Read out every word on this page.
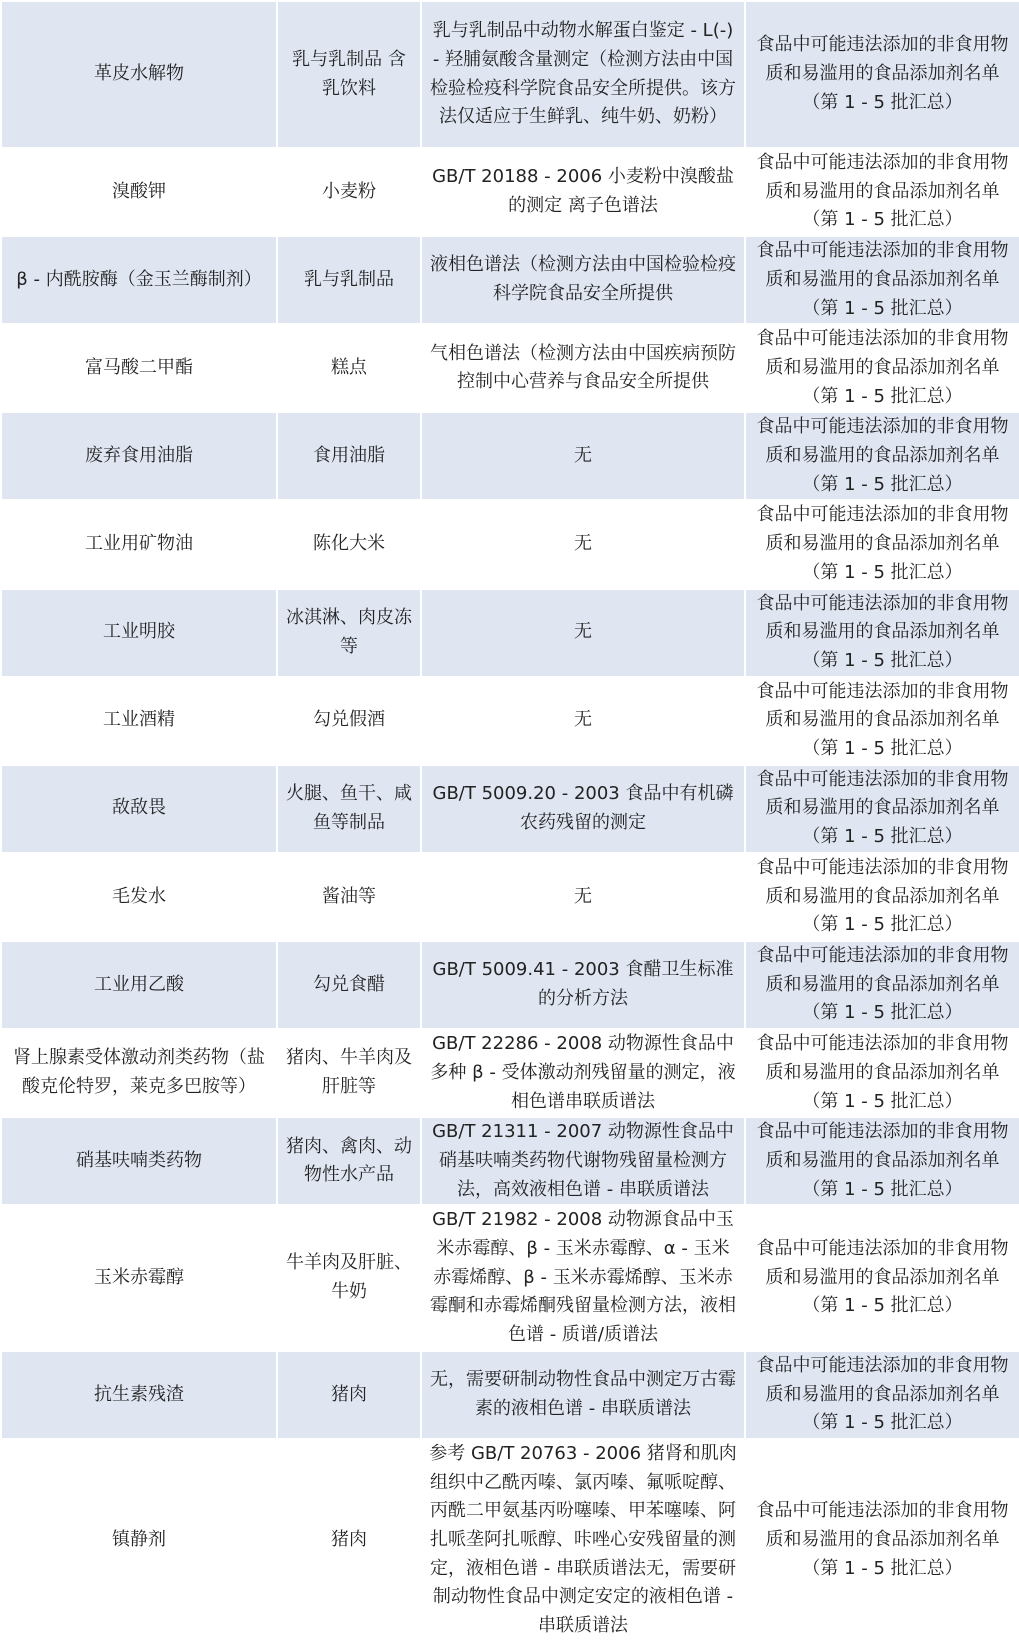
革皮水解物	乳与乳制品 含乳饮料	乳与乳制品中动物水解蛋白鉴定 - L(-) - 羟脯氨酸含量测定（检测方法由中国检验检疫科学院食品安全所提供。该方法仅适应于生鲜乳、纯牛奶、奶粉）	食品中可能违法添加的非食用物质和易滥用的食品添加剂名单（第 1 - 5 批汇总）
溴酸钾	小麦粉	GB/T 20188 - 2006 小麦粉中溴酸盐的测定 离子色谱法	食品中可能违法添加的非食用物质和易滥用的食品添加剂名单（第 1 - 5 批汇总）
β - 内酰胺酶（金玉兰酶制剂）	乳与乳制品	液相色谱法（检测方法由中国检验检疫科学院食品安全所提供	食品中可能违法添加的非食用物质和易滥用的食品添加剂名单（第 1 - 5 批汇总）
富马酸二甲酯	糕点	气相色谱法（检测方法由中国疾病预防控制中心营养与食品安全所提供	食品中可能违法添加的非食用物质和易滥用的食品添加剂名单（第 1 - 5 批汇总）
废弃食用油脂	食用油脂	无	食品中可能违法添加的非食用物质和易滥用的食品添加剂名单（第 1 - 5 批汇总）
工业用矿物油	陈化大米	无	食品中可能违法添加的非食用物质和易滥用的食品添加剂名单（第 1 - 5 批汇总）
工业明胶	冰淇淋、肉皮冻等	无	食品中可能违法添加的非食用物质和易滥用的食品添加剂名单（第 1 - 5 批汇总）
工业酒精	勾兑假酒	无	食品中可能违法添加的非食用物质和易滥用的食品添加剂名单（第 1 - 5 批汇总）
敌敌畏	火腿、鱼干、咸鱼等制品	GB/T 5009.20 - 2003 食品中有机磷农药残留的测定	食品中可能违法添加的非食用物质和易滥用的食品添加剂名单（第 1 - 5 批汇总）
毛发水	酱油等	无	食品中可能违法添加的非食用物质和易滥用的食品添加剂名单（第 1 - 5 批汇总）
工业用乙酸	勾兑食醋	GB/T 5009.41 - 2003 食醋卫生标准的分析方法	食品中可能违法添加的非食用物质和易滥用的食品添加剂名单（第 1 - 5 批汇总）
肾上腺素受体激动剂类药物（盐酸克伦特罗，莱克多巴胺等）	猪肉、牛羊肉及肝脏等	GB/T 22286 - 2008 动物源性食品中多种 β - 受体激动剂残留量的测定，液相色谱串联质谱法	食品中可能违法添加的非食用物质和易滥用的食品添加剂名单（第 1 - 5 批汇总）
硝基呋喃类药物	猪肉、禽肉、动物性水产品	GB/T 21311 - 2007 动物源性食品中硝基呋喃类药物代谢物残留量检测方法，高效液相色谱 - 串联质谱法	食品中可能违法添加的非食用物质和易滥用的食品添加剂名单（第 1 - 5 批汇总）
玉米赤霉醇	牛羊肉及肝脏、牛奶	GB/T 21982 - 2008 动物源食品中玉米赤霉醇、β - 玉米赤霉醇、α - 玉米赤霉烯醇、β - 玉米赤霉烯醇、玉米赤霉酮和赤霉烯酮残留量检测方法，液相色谱 - 质谱/质谱法	食品中可能违法添加的非食用物质和易滥用的食品添加剂名单（第 1 - 5 批汇总）
抗生素残渣	猪肉	无，需要研制动物性食品中测定万古霉素的液相色谱 - 串联质谱法	食品中可能违法添加的非食用物质和易滥用的食品添加剂名单（第 1 - 5 批汇总）
镇静剂	猪肉	参考 GB/T 20763 - 2006 猪肾和肌肉组织中乙酰丙嗪、氯丙嗪、氟哌啶醇、丙酰二甲氨基丙吩噻嗪、甲苯噻嗪、阿扎哌垄阿扎哌醇、咔唑心安残留量的测定，液相色谱 - 串联质谱法无，需要研制动物性食品中测定安定的液相色谱 - 串联质谱法	食品中可能违法添加的非食用物质和易滥用的食品添加剂名单（第 1 - 5 批汇总）
